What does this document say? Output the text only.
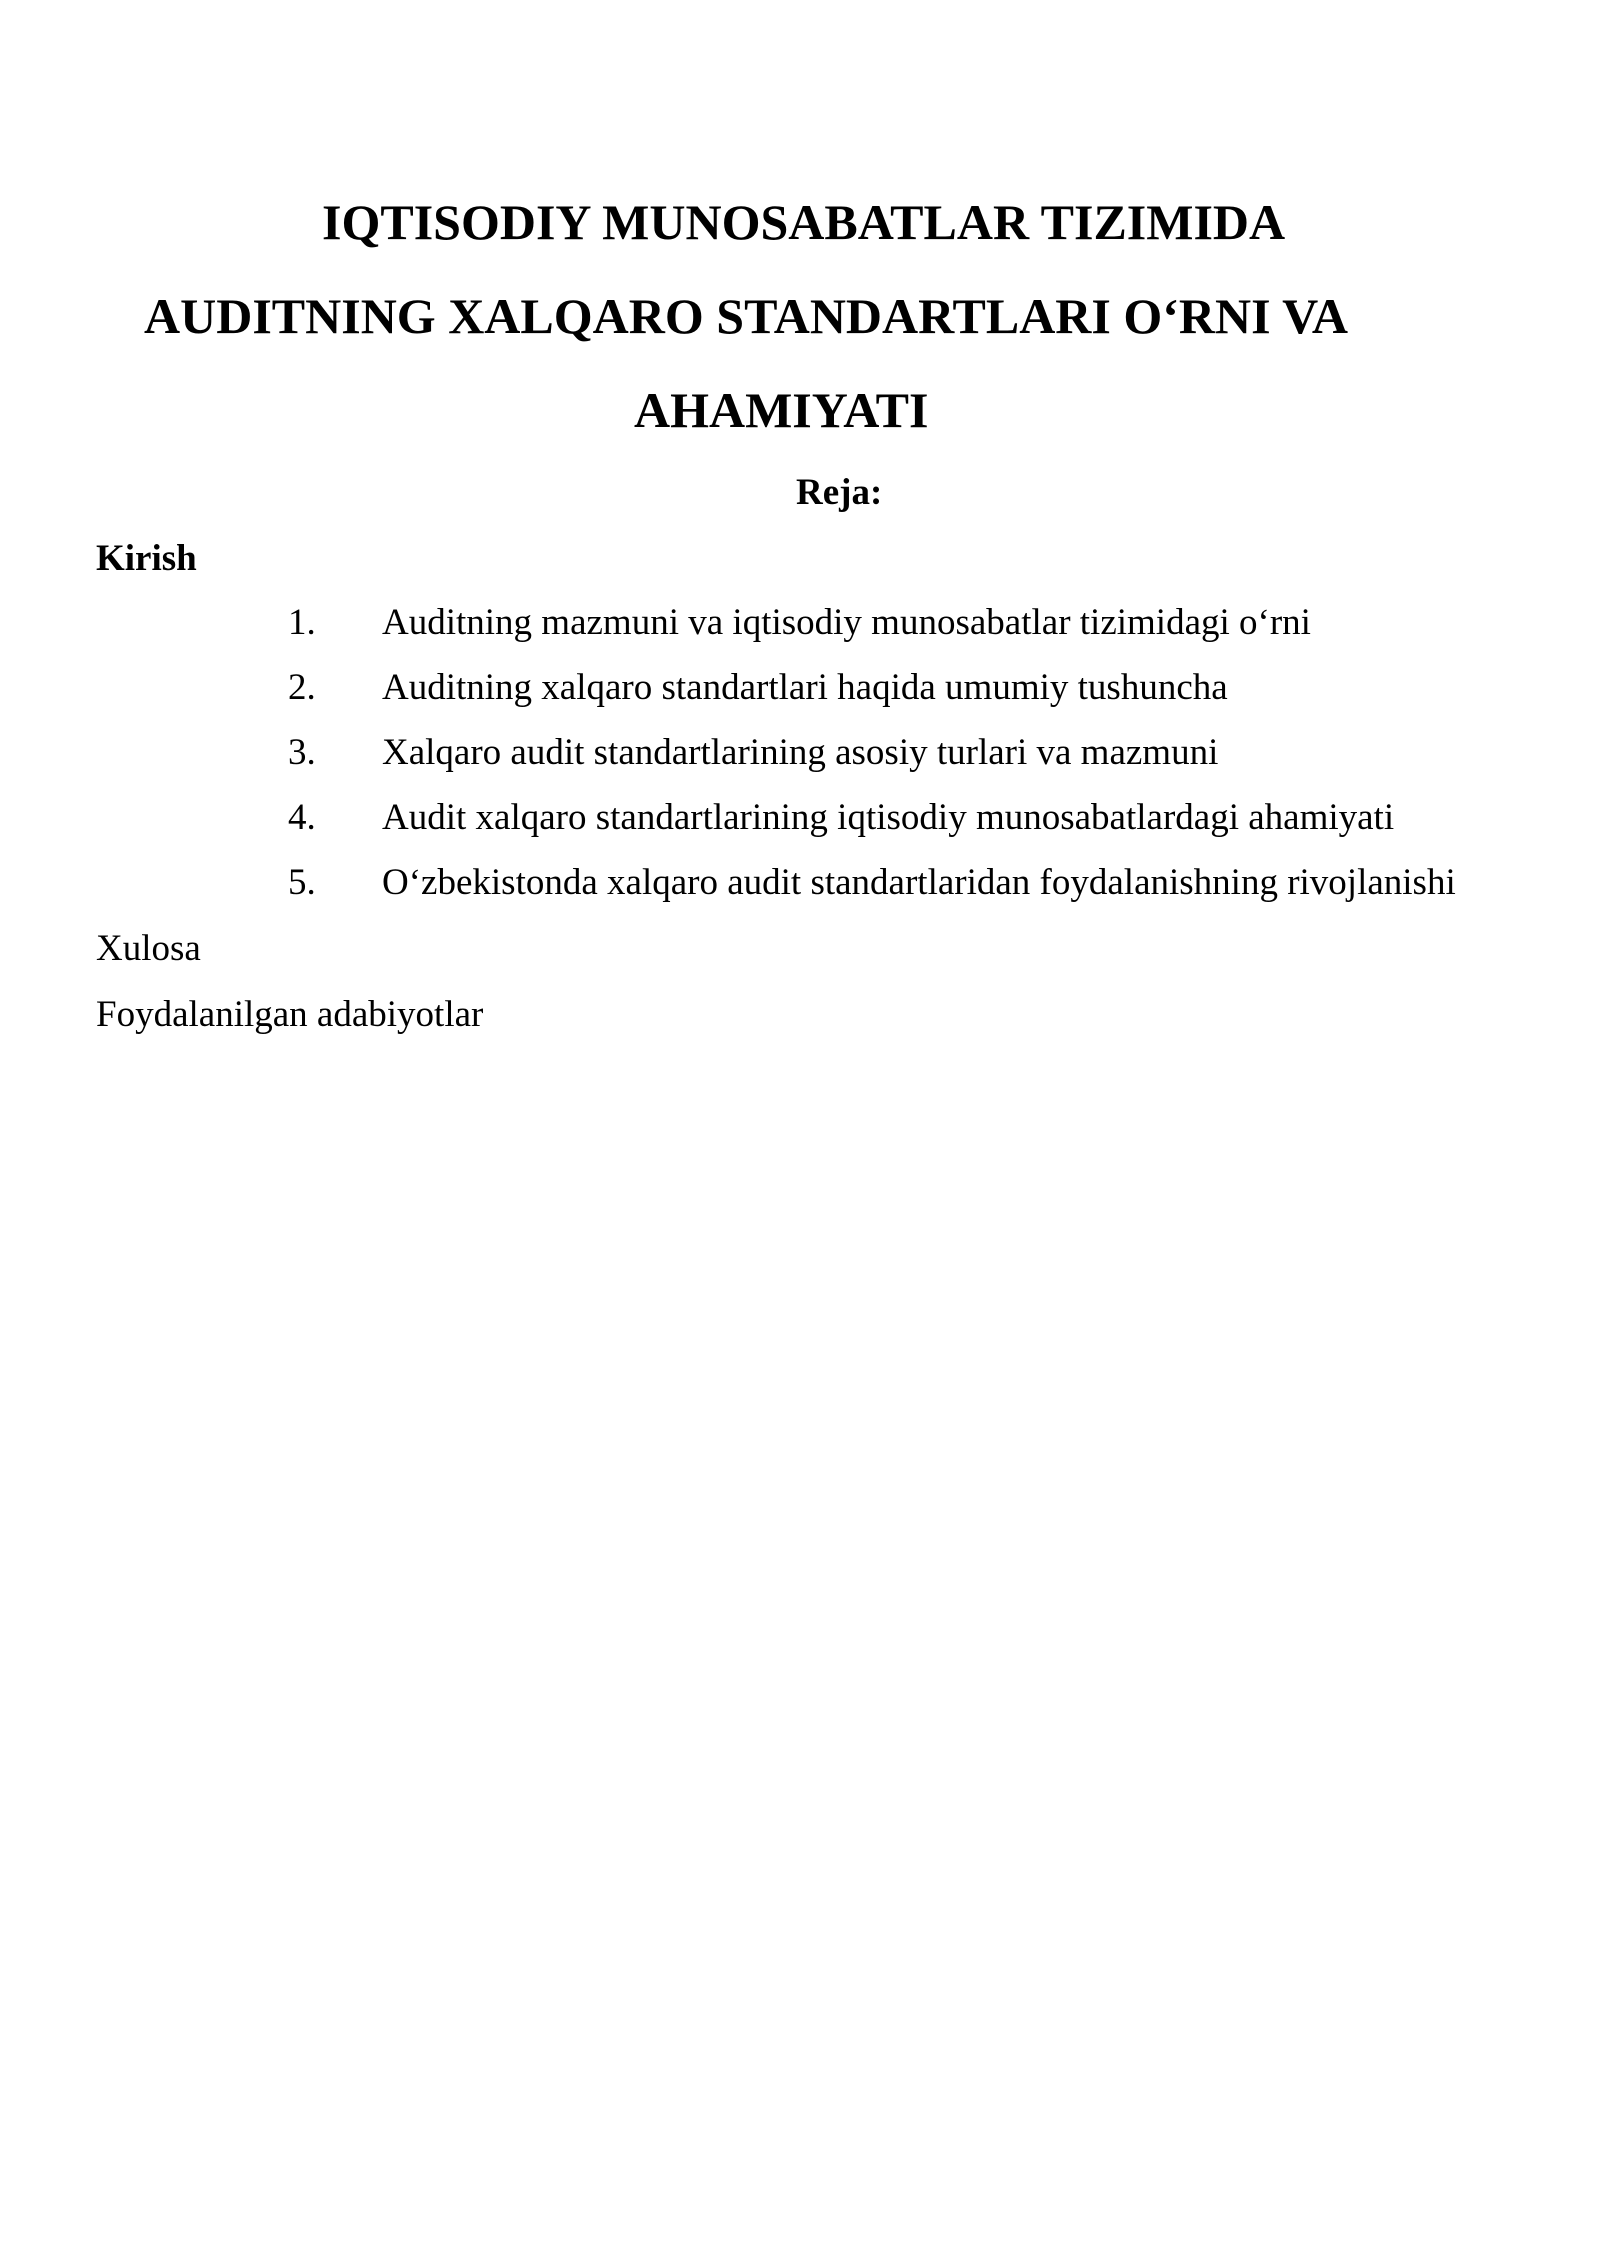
IQTISODIY MUNOSABATLAR TIZIMIDA
AUDITNING XALQARO STANDARTLARI O‘RNI VA
AHAMIYATI
Reja:
Kirish
1. Auditning mazmuni va iqtisodiy munosabatlar tizimidagi o‘rni
2. Auditning xalqaro standartlari haqida umumiy tushuncha
3. Xalqaro audit standartlarining asosiy turlari va mazmuni
4. Audit xalqaro standartlarining iqtisodiy munosabatlardagi ahamiyati
5. O‘zbekistonda xalqaro audit standartlaridan foydalanishning rivojlanishi
Xulosa
Foydalanilgan adabiyotlar
